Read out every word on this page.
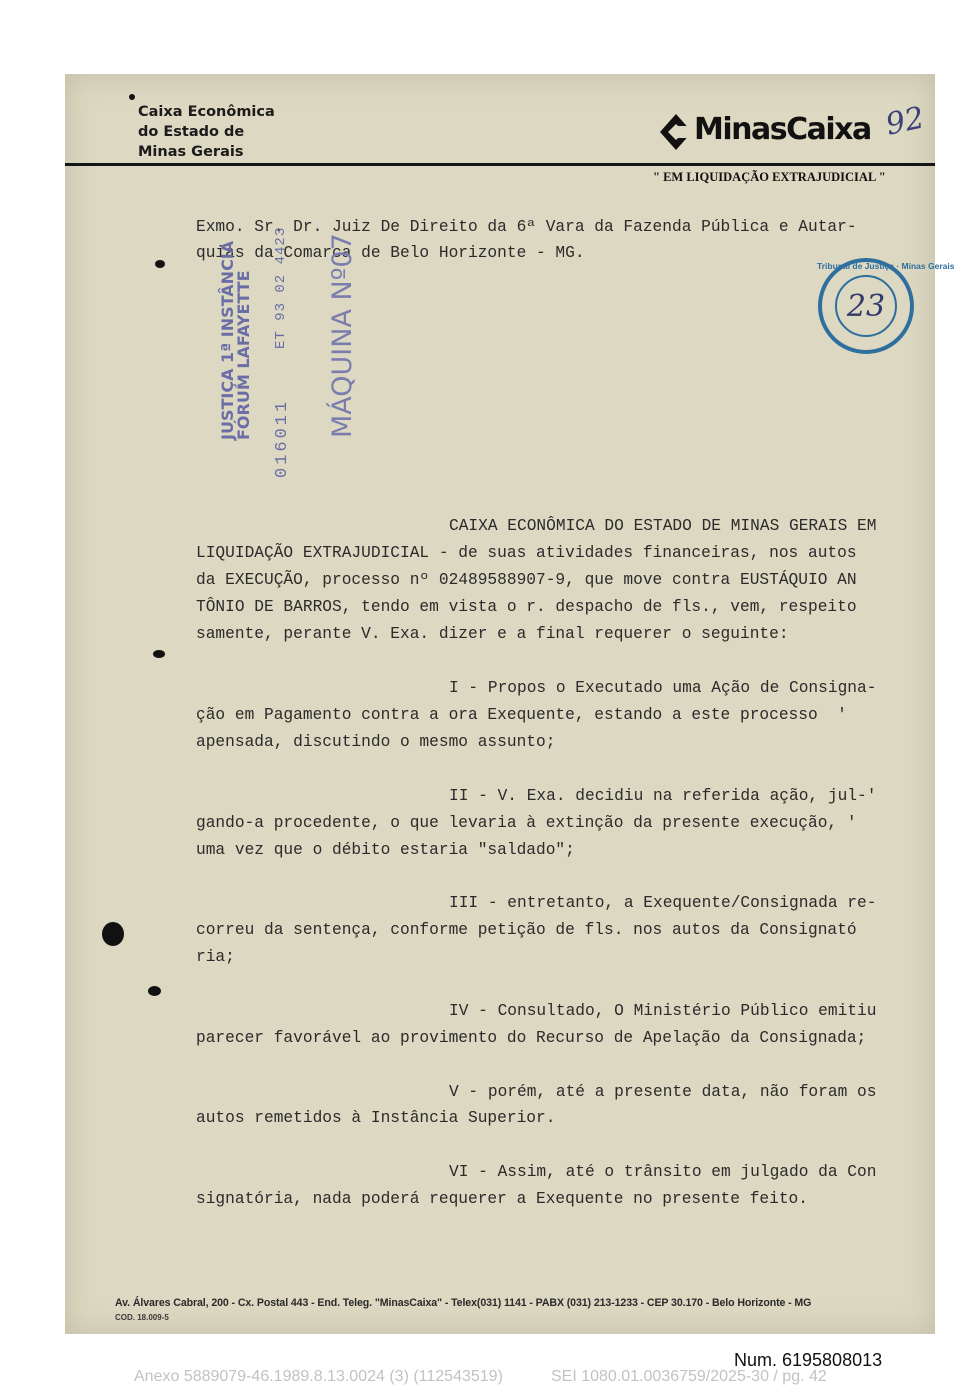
Caixa Econômica
do Estado de
Minas Gerais
MinasCaixa 92
" EM LIQUIDAÇÃO EXTRAJUDICIAL "
Exmo. Sr. Dr. Juiz De Direito da 6ª Vara da Fazenda Pública e Autar-
quias da Comarca de Belo Horizonte - MG.
JUSTIÇA 1ª INSTÂNCIA
FÓRUM LAFAYETTE 016011
ET 93 02 4423 MÁQUINA Nº07	Tribunal de Justiça · Minas Gerais
23
CAIXA ECONÔMICA DO ESTADO DE MINAS GERAIS EM
LIQUIDAÇÃO EXTRAJUDICIAL - de suas atividades financeiras, nos autos
da EXECUÇÃO, processo nº 02489588907-9, que move contra EUSTÁQUIO AN
TÔNIO DE BARROS, tendo em vista o r. despacho de fls., vem, respeito
samente, perante V. Exa. dizer e a final requerer o seguinte:
I - Propos o Executado uma Ação de Consigna-
ção em Pagamento contra a ora Exequente, estando a este processo  '
apensada, discutindo o mesmo assunto;
II - V. Exa. decidiu na referida ação, jul-'
gando-a procedente, o que levaria à extinção da presente execução, '
uma vez que o débito estaria "saldado";
III - entretanto, a Exequente/Consignada re-
correu da sentença, conforme petição de fls. nos autos da Consignató
ria;
IV - Consultado, O Ministério Público emitiu
parecer favorável ao provimento do Recurso de Apelação da Consignada;
V - porém, até a presente data, não foram os
autos remetidos à Instância Superior.
VI - Assim, até o trânsito em julgado da Con
signatória, nada poderá requerer a Exequente no presente feito.
Av. Álvares Cabral, 200 - Cx. Postal 443 - End. Teleg. "MinasCaixa" - Telex(031) 1141 - PABX (031) 213-1233 - CEP 30.170 - Belo Horizonte - MG
COD. 18.009-5
Num. 6195808013
Anexo 5889079-46.1989.8.13.0024 (3) (112543519)	SEI 1080.01.0036759/2025-30 / pg. 42
